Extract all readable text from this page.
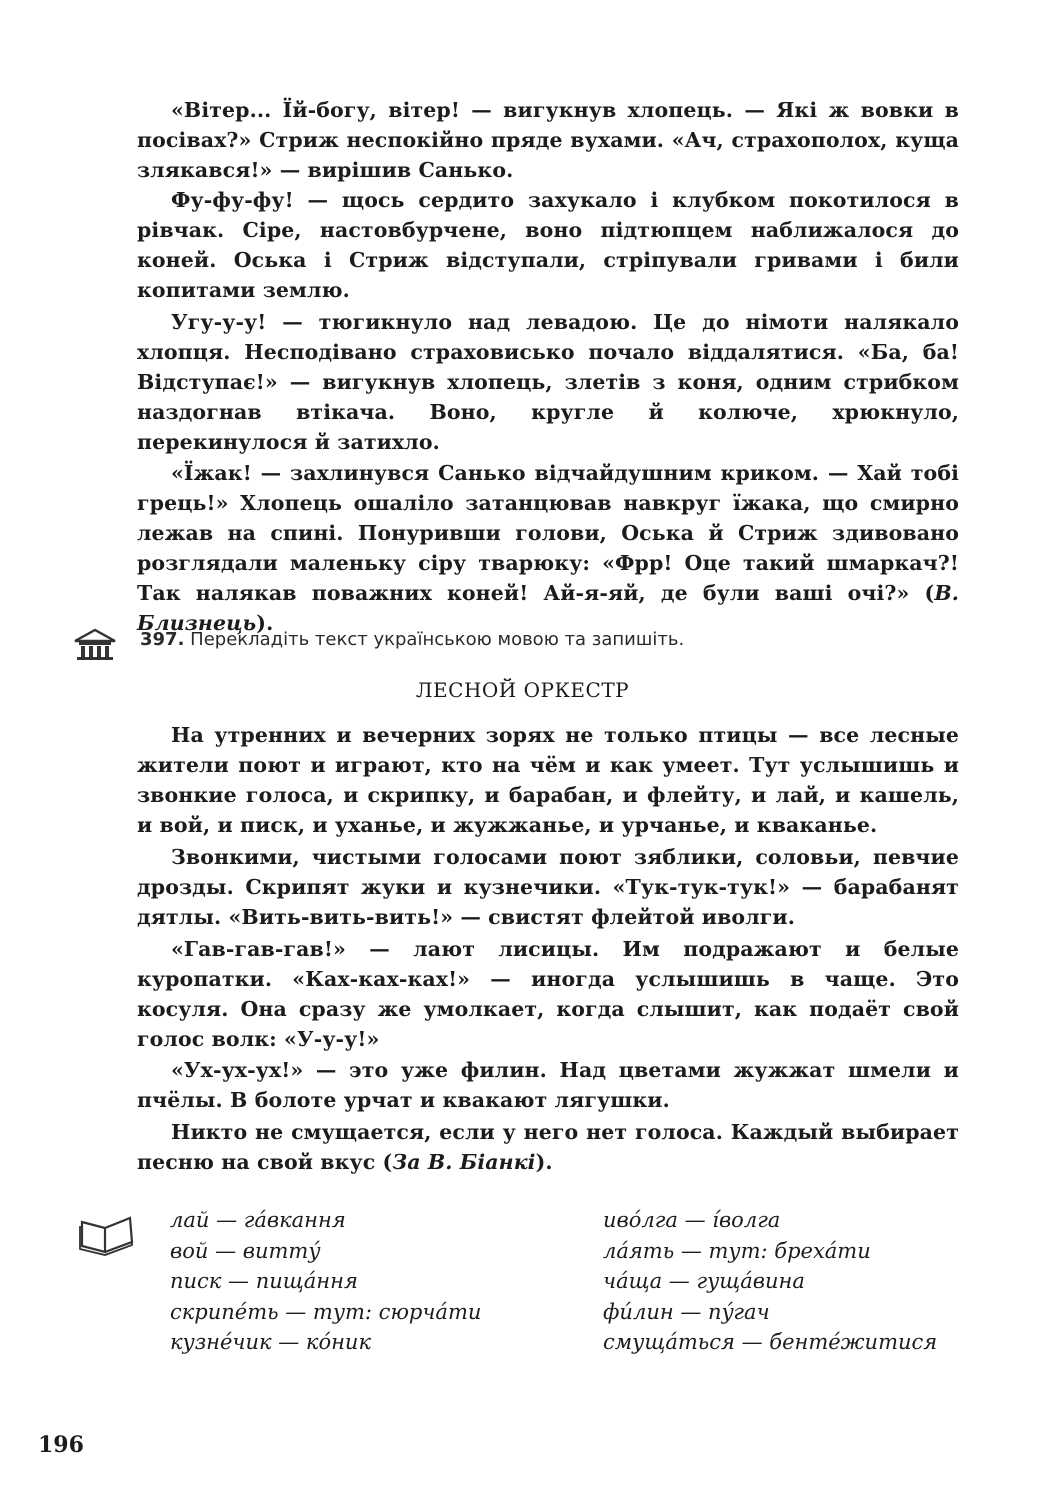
«Вітер... Їй-богу, вітер! — вигукнув хлопець. — Які ж вовки в посівах?» Стриж неспокійно пряде вухами. «Ач, страхополох, куща злякався!» — вирішив Санько.

Фу-фу-фу! — щось сердито захукало і клубком покотилося в рівчак. Сіре, настовбурчене, воно підтюпцем наближалося до коней. Оська і Стриж відступали, стріпували гривами і били копитами землю.

Угу-у-у! — тюгикнуло над левадою. Це до німоти налякало хлопця. Несподівано страховисько почало віддалятися. «Ба, ба! Відступає!» — вигукнув хлопець, злетів з коня, одним стрибком наздогнав втікача. Воно, кругле й колюче, хрюкнуло, перекинулося й затихло.

«Їжак! — захлинувся Санько відчайдушним криком. — Хай тобі грець!» Хлопець ошаліло затанцював навкруг їжака, що смирно лежав на спині. Понуривши голови, Оська й Стриж здивовано розглядали маленьку сіру тварюку: «Фрр! Оце такий шмаркач?! Так налякав поважних коней! Ай-я-яй, де були ваші очі?» (В. Близнець).

397. Перекладіть текст українською мовою та запишіть.
ЛЕСНОЙ ОРКЕСТР

На утренних и вечерних зорях не только птицы — все лесные жители поют и играют, кто на чём и как умеет. Тут услышишь и звонкие голоса, и скрипку, и барабан, и флейту, и лай, и кашель, и вой, и писк, и уханье, и жужжанье, и урчанье, и кваканье.

Звонкими, чистыми голосами поют зяблики, соловьи, певчие дрозды. Скрипят жуки и кузнечики. «Тук-тук-тук!» — барабанят дятлы. «Вить-вить-вить!» — свистят флейтой иволги.

«Гав-гав-гав!» — лают лисицы. Им подражают и белые куропатки. «Ках-ках-ках!» — иногда услышишь в чаще. Это косуля. Она сразу же умолкает, когда слышит, как подаёт свой голос волк: «У-у-у!»

«Ух-ух-ух!» — это уже филин. Над цветами жужжат шмели и пчёлы. В болоте урчат и квакают лягушки.

Никто не смущается, если у него нет голоса. Каждый выбирает песню на свой вкус (За В. Біанкі).

лай — гáвкання
вой — виттý
писк — пищáння
скрипéть — тут: сюрчáти
кузнéчик — кóник
ивóлга — íволга
лáять — тут: брехáти
чáща — гущáвина
фúлин — пýгач
смущáться — бентéжитися
196
